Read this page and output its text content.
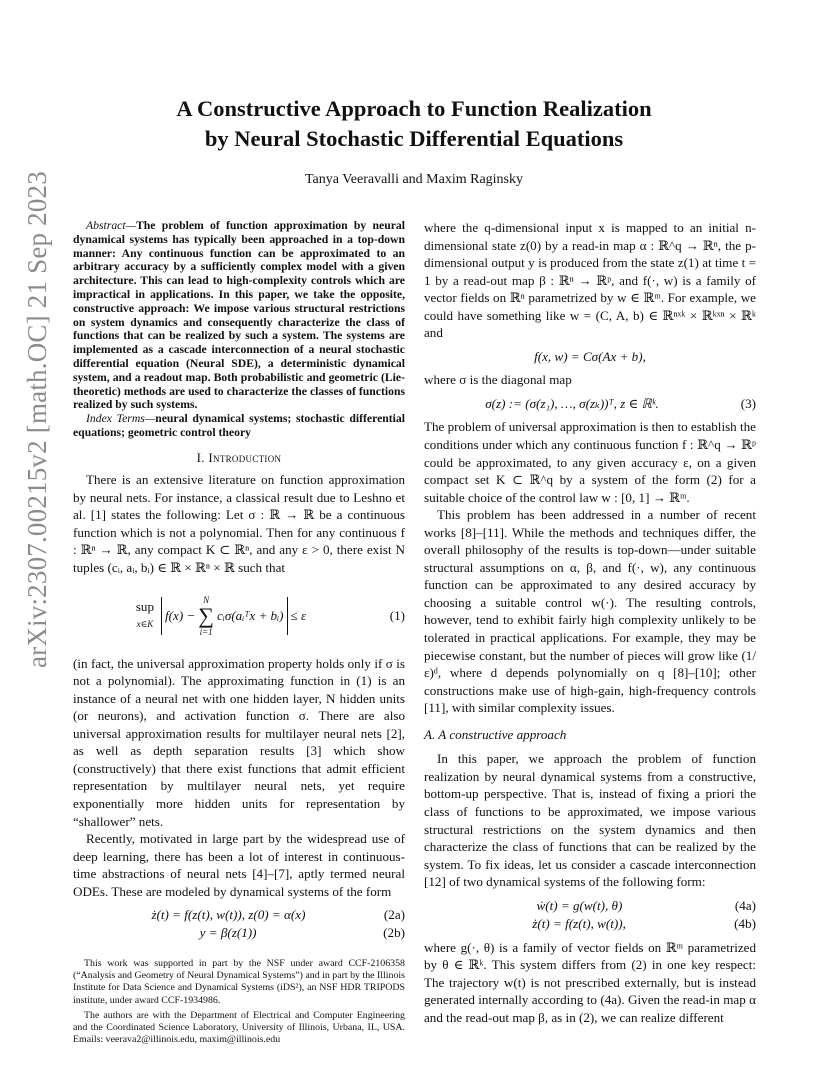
arXiv:2307.00215v2 [math.OC] 21 Sep 2023
A Constructive Approach to Function Realization
by Neural Stochastic Differential Equations
Tanya Veeravalli and Maxim Raginsky

Abstract—The problem of function approximation by neural dynamical systems has typically been approached in a top-down manner: Any continuous function can be approximated to an arbitrary accuracy by a sufficiently complex model with a given architecture. This can lead to high-complexity controls which are impractical in applications. In this paper, we take the opposite, constructive approach: We impose various structural restrictions on system dynamics and consequently characterize the class of functions that can be realized by such a system. The systems are implemented as a cascade interconnection of a neural stochastic differential equation (Neural SDE), a deterministic dynamical system, and a readout map. Both probabilistic and geometric (Lie-theoretic) methods are used to characterize the classes of functions realized by such systems.

Index Terms—neural dynamical systems; stochastic differential equations; geometric control theory

I. Introduction

There is an extensive literature on function approximation by neural nets. For instance, a classical result due to Leshno et al. [1] states the following: Let σ : ℝ → ℝ be a continuous function which is not a polynomial. Then for any continuous f : ℝⁿ → ℝ, any compact K ⊂ ℝⁿ, and any ε > 0, there exist N tuples (cᵢ, aᵢ, bᵢ) ∈ ℝ × ℝⁿ × ℝ such that

sup
x∈K
f(x) −
N
∑
i=1
cᵢσ(aᵢᵀx + bᵢ) ≤ ε	(1)

(in fact, the universal approximation property holds only if σ is not a polynomial). The approximating function in (1) is an instance of a neural net with one hidden layer, N hidden units (or neurons), and activation function σ. There are also universal approximation results for multilayer neural nets [2], as well as depth separation results [3] which show (constructively) that there exist functions that admit efficient representation by multilayer neural nets, yet require exponentially more hidden units for representation by “shallower” nets.

Recently, motivated in large part by the widespread use of deep learning, there has been a lot of interest in continuous-time abstractions of neural nets [4]–[7], aptly termed neural ODEs. These are modeled by dynamical systems of the form

ż(t) = f(z(t), w(t)), z(0) = α(x)	(2a)
y = β(z(1))	(2b)

This work was supported in part by the NSF under award CCF-2106358 (“Analysis and Geometry of Neural Dynamical Systems”) and in part by the Illinois Institute for Data Science and Dynamical Systems (iDS²), an NSF HDR TRIPODS institute, under award CCF-1934986.

The authors are with the Department of Electrical and Computer Engineering and the Coordinated Science Laboratory, University of Illinois, Urbana, IL, USA. Emails: veerava2@illinois.edu, maxim@illinois.edu

where the q-dimensional input x is mapped to an initial n-dimensional state z(0) by a read-in map α : ℝ^q → ℝⁿ, the p-dimensional output y is produced from the state z(1) at time t = 1 by a read-out map β : ℝⁿ → ℝᵖ, and f(·, w) is a family of vector fields on ℝⁿ parametrized by w ∈ ℝᵐ. For example, we could have something like w = (C, A, b) ∈ ℝⁿˣᵏ × ℝᵏˣⁿ × ℝᵏ and

f(x, w) = Cσ(Ax + b),

where σ is the diagonal map

σ(z) := (σ(z₁), …, σ(zₖ))ᵀ, z ∈ ℝᵏ.	(3)

The problem of universal approximation is then to establish the conditions under which any continuous function f : ℝ^q → ℝᵖ could be approximated, to any given accuracy ε, on a given compact set K ⊂ ℝ^q by a system of the form (2) for a suitable choice of the control law w : [0, 1] → ℝᵐ.

This problem has been addressed in a number of recent works [8]–[11]. While the methods and techniques differ, the overall philosophy of the results is top-down—under suitable structural assumptions on α, β, and f(·, w), any continuous function can be approximated to any desired accuracy by choosing a suitable control w(·). The resulting controls, however, tend to exhibit fairly high complexity unlikely to be tolerated in practical applications. For example, they may be piecewise constant, but the number of pieces will grow like (1/ε)ᵈ, where d depends polynomially on q [8]–[10]; other constructions make use of high-gain, high-frequency controls [11], with similar complexity issues.

A. A constructive approach

In this paper, we approach the problem of function realization by neural dynamical systems from a constructive, bottom-up perspective. That is, instead of fixing a priori the class of functions to be approximated, we impose various structural restrictions on the system dynamics and then characterize the class of functions that can be realized by the system. To fix ideas, let us consider a cascade interconnection [12] of two dynamical systems of the following form:

ẇ(t) = g(w(t), θ)	(4a)
ż(t) = f(z(t), w(t)),	(4b)

where g(·, θ) is a family of vector fields on ℝᵐ parametrized by θ ∈ ℝᵏ. This system differs from (2) in one key respect: The trajectory w(t) is not prescribed externally, but is instead generated internally according to (4a). Given the read-in map α and the read-out map β, as in (2), we can realize different
